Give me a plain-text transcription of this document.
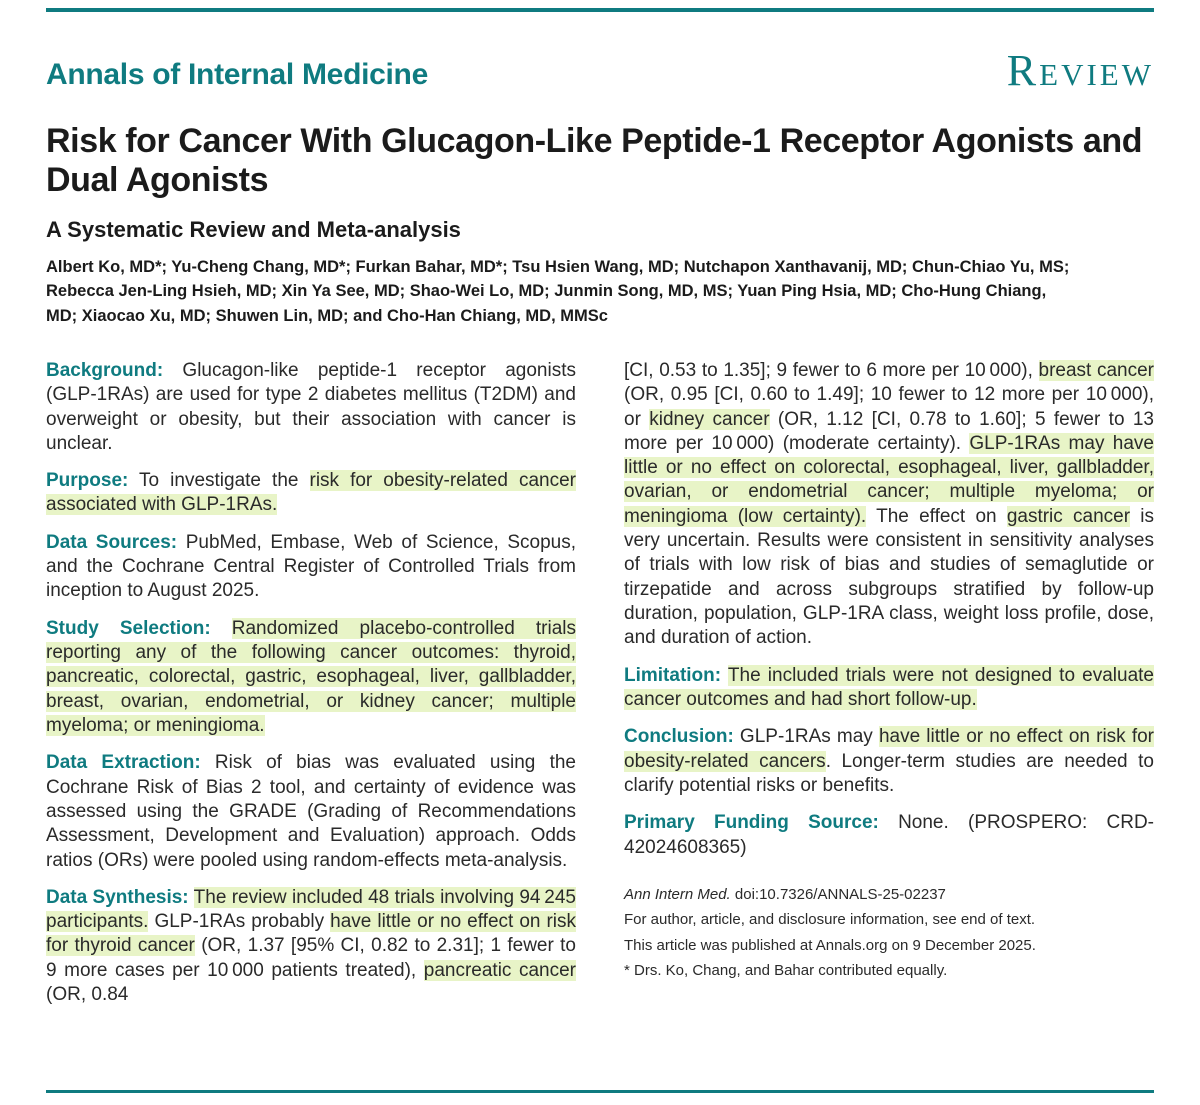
Annals of Internal Medicine	Review
Risk for Cancer With Glucagon-Like Peptide-1 Receptor Agonists and Dual Agonists
A Systematic Review and Meta-analysis

Albert Ko, MD*; Yu-Cheng Chang, MD*; Furkan Bahar, MD*; Tsu Hsien Wang, MD; Nutchapon Xanthavanij, MD; Chun-Chiao Yu, MS; Rebecca Jen-Ling Hsieh, MD; Xin Ya See, MD; Shao-Wei Lo, MD; Junmin Song, MD, MS; Yuan Ping Hsia, MD; Cho-Hung Chiang, MD; Xiaocao Xu, MD; Shuwen Lin, MD; and Cho-Han Chiang, MD, MMSc

Background: Glucagon-like peptide-1 receptor agonists (GLP-1RAs) are used for type 2 diabetes mellitus (T2DM) and overweight or obesity, but their association with cancer is unclear.

Purpose: To investigate the risk for obesity-related cancer associated with GLP-1RAs.

Data Sources: PubMed, Embase, Web of Science, Scopus, and the Cochrane Central Register of Controlled Trials from inception to August 2025.

Study Selection: Randomized placebo-controlled trials reporting any of the following cancer outcomes: thyroid, pancreatic, colorectal, gastric, esophageal, liver, gallbladder, breast, ovarian, endometrial, or kidney cancer; multiple myeloma; or meningioma.

Data Extraction: Risk of bias was evaluated using the Cochrane Risk of Bias 2 tool, and certainty of evidence was assessed using the GRADE (Grading of Recommendations Assessment, Development and Evaluation) approach. Odds ratios (ORs) were pooled using random-effects meta-analysis.

Data Synthesis: The review included 48 trials involving 94 245 participants. GLP-1RAs probably have little or no effect on risk for thyroid cancer (OR, 1.37 [95% CI, 0.82 to 2.31]; 1 fewer to 9 more cases per 10 000 patients treated), pancreatic cancer (OR, 0.84

[CI, 0.53 to 1.35]; 9 fewer to 6 more per 10 000), breast cancer (OR, 0.95 [CI, 0.60 to 1.49]; 10 fewer to 12 more per 10 000), or kidney cancer (OR, 1.12 [CI, 0.78 to 1.60]; 5 fewer to 13 more per 10 000) (moderate certainty). GLP-1RAs may have little or no effect on colorectal, esophageal, liver, gallbladder, ovarian, or endometrial cancer; multiple myeloma; or meningioma (low certainty). The effect on gastric cancer is very uncertain. Results were consistent in sensitivity analyses of trials with low risk of bias and studies of semaglutide or tirzepatide and across subgroups stratified by follow-up duration, population, GLP-1RA class, weight loss profile, dose, and duration of action.

Limitation: The included trials were not designed to evaluate cancer outcomes and had short follow-up.

Conclusion: GLP-1RAs may have little or no effect on risk for obesity-related cancers. Longer-term studies are needed to clarify potential risks or benefits.

Primary Funding Source: None. (PROSPERO: CRD-42024608365)

Ann Intern Med. doi:10.7326/ANNALS-25-02237

For author, article, and disclosure information, see end of text.

This article was published at Annals.org on 9 December 2025.

* Drs. Ko, Chang, and Bahar contributed equally.
